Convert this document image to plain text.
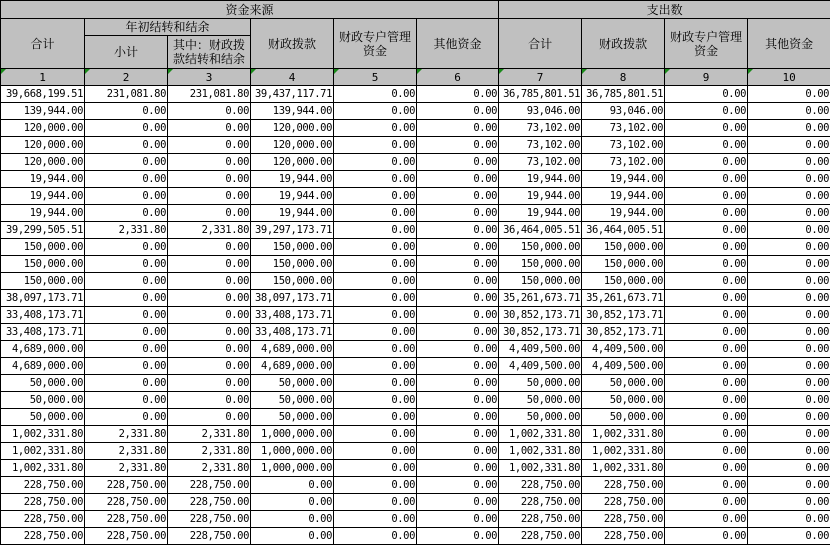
资金来源						支出数			
合计	年初结转和结余		财政拨款	财政专户管理资金	其他资金	合计	财政拨款	财政专户管理资金	其他资金
	小计	其中：财政拨款结转和结余							
1	2	3	4	5	6	7	8	9	10
39,668,199.51	231,081.80	231,081.80	39,437,117.71	0.00	0.00	36,785,801.51	36,785,801.51	0.00	0.00
139,944.00	0.00	0.00	139,944.00	0.00	0.00	93,046.00	93,046.00	0.00	0.00
120,000.00	0.00	0.00	120,000.00	0.00	0.00	73,102.00	73,102.00	0.00	0.00
120,000.00	0.00	0.00	120,000.00	0.00	0.00	73,102.00	73,102.00	0.00	0.00
120,000.00	0.00	0.00	120,000.00	0.00	0.00	73,102.00	73,102.00	0.00	0.00
19,944.00	0.00	0.00	19,944.00	0.00	0.00	19,944.00	19,944.00	0.00	0.00
19,944.00	0.00	0.00	19,944.00	0.00	0.00	19,944.00	19,944.00	0.00	0.00
19,944.00	0.00	0.00	19,944.00	0.00	0.00	19,944.00	19,944.00	0.00	0.00
39,299,505.51	2,331.80	2,331.80	39,297,173.71	0.00	0.00	36,464,005.51	36,464,005.51	0.00	0.00
150,000.00	0.00	0.00	150,000.00	0.00	0.00	150,000.00	150,000.00	0.00	0.00
150,000.00	0.00	0.00	150,000.00	0.00	0.00	150,000.00	150,000.00	0.00	0.00
150,000.00	0.00	0.00	150,000.00	0.00	0.00	150,000.00	150,000.00	0.00	0.00
38,097,173.71	0.00	0.00	38,097,173.71	0.00	0.00	35,261,673.71	35,261,673.71	0.00	0.00
33,408,173.71	0.00	0.00	33,408,173.71	0.00	0.00	30,852,173.71	30,852,173.71	0.00	0.00
33,408,173.71	0.00	0.00	33,408,173.71	0.00	0.00	30,852,173.71	30,852,173.71	0.00	0.00
4,689,000.00	0.00	0.00	4,689,000.00	0.00	0.00	4,409,500.00	4,409,500.00	0.00	0.00
4,689,000.00	0.00	0.00	4,689,000.00	0.00	0.00	4,409,500.00	4,409,500.00	0.00	0.00
50,000.00	0.00	0.00	50,000.00	0.00	0.00	50,000.00	50,000.00	0.00	0.00
50,000.00	0.00	0.00	50,000.00	0.00	0.00	50,000.00	50,000.00	0.00	0.00
50,000.00	0.00	0.00	50,000.00	0.00	0.00	50,000.00	50,000.00	0.00	0.00
1,002,331.80	2,331.80	2,331.80	1,000,000.00	0.00	0.00	1,002,331.80	1,002,331.80	0.00	0.00
1,002,331.80	2,331.80	2,331.80	1,000,000.00	0.00	0.00	1,002,331.80	1,002,331.80	0.00	0.00
1,002,331.80	2,331.80	2,331.80	1,000,000.00	0.00	0.00	1,002,331.80	1,002,331.80	0.00	0.00
228,750.00	228,750.00	228,750.00	0.00	0.00	0.00	228,750.00	228,750.00	0.00	0.00
228,750.00	228,750.00	228,750.00	0.00	0.00	0.00	228,750.00	228,750.00	0.00	0.00
228,750.00	228,750.00	228,750.00	0.00	0.00	0.00	228,750.00	228,750.00	0.00	0.00
228,750.00	228,750.00	228,750.00	0.00	0.00	0.00	228,750.00	228,750.00	0.00	0.00
